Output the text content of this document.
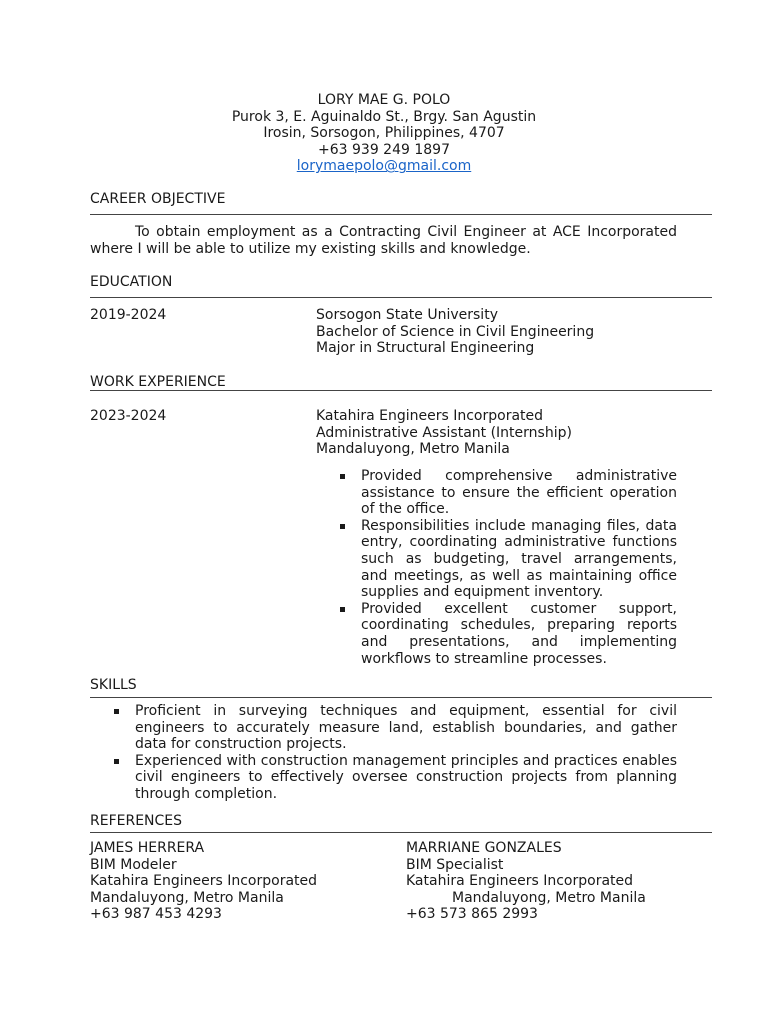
LORY MAE G. POLO
Purok 3, E. Aguinaldo St., Brgy. San Agustin
Irosin, Sorsogon, Philippines, 4707
+63 939 249 1897
lorymaepolo@gmail.com
CAREER OBJECTIVE
To obtain employment as a Contracting Civil Engineer at ACE Incorporated where I will be able to utilize my existing skills and knowledge.
EDUCATION
2019-2024	Sorsogon State University
Bachelor of Science in Civil Engineering
Major in Structural Engineering
WORK EXPERIENCE
2023-2024	Katahira Engineers Incorporated
Administrative Assistant (Internship)
Mandaluyong, Metro Manila
Provided comprehensive administrative assistance to ensure the efficient operation of the office.
Responsibilities include managing files, data entry, coordinating administrative functions such as budgeting, travel arrangements, and meetings, as well as maintaining office supplies and equipment inventory.
Provided excellent customer support, coordinating schedules, preparing reports and presentations, and implementing workflows to streamline processes.
SKILLS
Proficient in surveying techniques and equipment, essential for civil engineers to accurately measure land, establish boundaries, and gather data for construction projects.
Experienced with construction management principles and practices enables civil engineers to effectively oversee construction projects from planning through completion.
REFERENCES
JAMES HERRERA
BIM Modeler
Katahira Engineers Incorporated
Mandaluyong, Metro Manila
+63 987 453 4293
MARRIANE GONZALES
BIM Specialist
Katahira Engineers Incorporated
Mandaluyong, Metro Manila
+63 573 865 2993
